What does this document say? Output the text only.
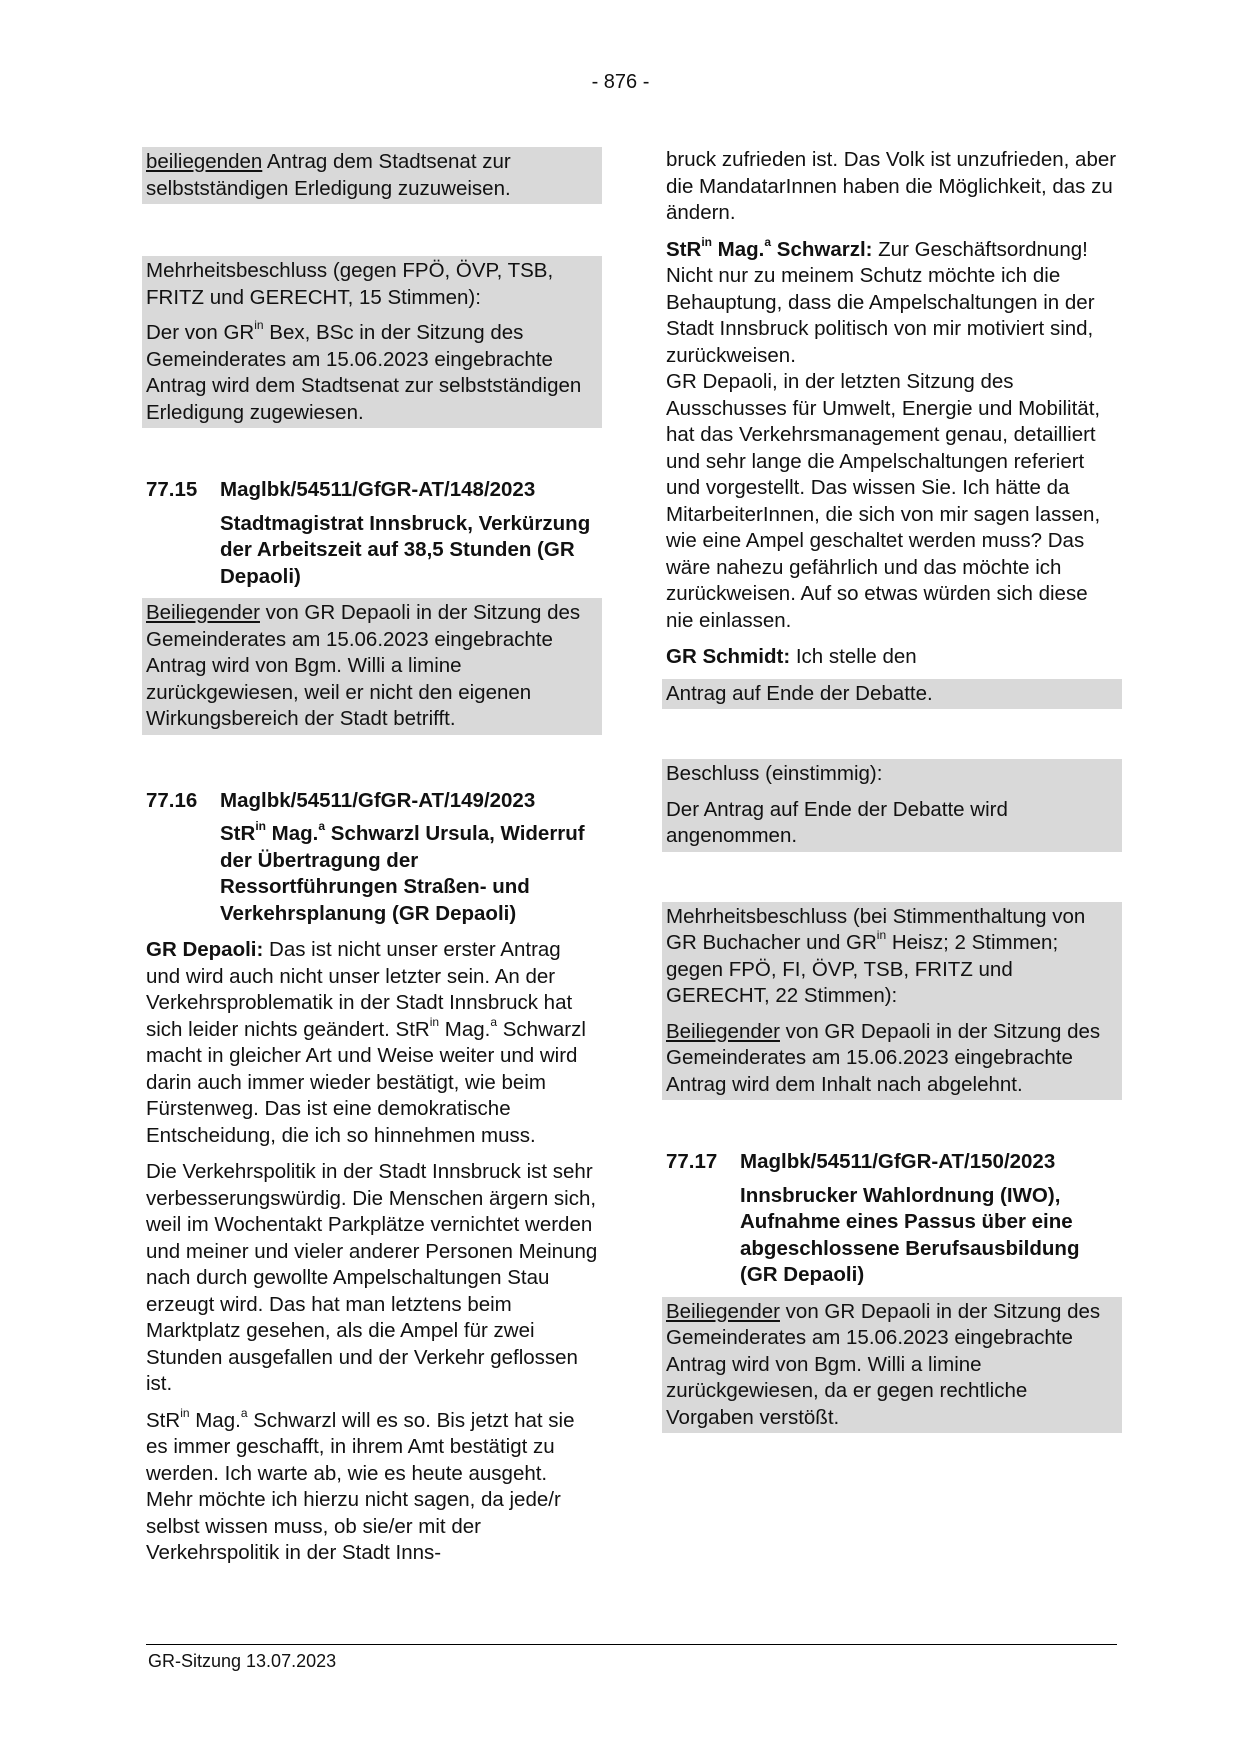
- 876 -

beiliegenden Antrag dem Stadtsenat zur selbstständigen Erledigung zuzuweisen.

Mehrheitsbeschluss (gegen FPÖ, ÖVP, TSB, FRITZ und GERECHT, 15 Stimmen):

Der von $GR^{in}$ Bex, BSc in der Sitzung des Gemeinderates am 15.06.2023 eingebrachte Antrag wird dem Stadtsenat zur selbstständigen Erledigung zugewiesen.

77.15	Maglbk/54511/GfGR-AT/148/2023
Stadtmagistrat Innsbruck, Verkürzung der Arbeitszeit auf 38,5 Stunden (GR Depaoli)

Beiliegender von GR Depaoli in der Sitzung des Gemeinderates am 15.06.2023 eingebrachte Antrag wird von Bgm. Willi a limine zurückgewiesen, weil er nicht den eigenen Wirkungsbereich der Stadt betrifft.

77.16	Maglbk/54511/GfGR-AT/149/2023
StR$^{in}$ Mag.$^a$ Schwarzl Ursula, Widerruf der Übertragung der Ressortführungen Straßen- und Verkehrsplanung (GR Depaoli)

GR Depaoli: Das ist nicht unser erster Antrag und wird auch nicht unser letzter sein. An der Verkehrsproblematik in der Stadt Innsbruck hat sich leider nichts geändert. StR$^{in}$ Mag.$^a$ Schwarzl macht in gleicher Art und Weise weiter und wird darin auch immer wieder bestätigt, wie beim Fürstenweg. Das ist eine demokratische Entscheidung, die ich so hinnehmen muss.

Die Verkehrspolitik in der Stadt Innsbruck ist sehr verbesserungswürdig. Die Menschen ärgern sich, weil im Wochentakt Parkplätze vernichtet werden und meiner und vieler anderer Personen Meinung nach durch gewollte Ampelschaltungen Stau erzeugt wird. Das hat man letztens beim Marktplatz gesehen, als die Ampel für zwei Stunden ausgefallen und der Verkehr geflossen ist.

StR$^{in}$ Mag.$^a$ Schwarzl will es so. Bis jetzt hat sie es immer geschafft, in ihrem Amt bestätigt zu werden. Ich warte ab, wie es heute ausgeht. Mehr möchte ich hierzu nicht sagen, da jede/r selbst wissen muss, ob sie/er mit der Verkehrspolitik in der Stadt Inns-

bruck zufrieden ist. Das Volk ist unzufrieden, aber die MandatarInnen haben die Möglichkeit, das zu ändern.

StR$^{in}$ Mag.$^a$ Schwarzl: Zur Geschäftsordnung! Nicht nur zu meinem Schutz möchte ich die Behauptung, dass die Ampelschaltungen in der Stadt Innsbruck politisch von mir motiviert sind, zurückweisen.

GR Depaoli, in der letzten Sitzung des Ausschusses für Umwelt, Energie und Mobilität, hat das Verkehrsmanagement genau, detailliert und sehr lange die Ampelschaltungen referiert und vorgestellt. Das wissen Sie. Ich hätte da MitarbeiterInnen, die sich von mir sagen lassen, wie eine Ampel geschaltet werden muss? Das wäre nahezu gefährlich und das möchte ich zurückweisen. Auf so etwas würden sich diese nie einlassen.

GR Schmidt: Ich stelle den

Antrag auf Ende der Debatte.

Beschluss (einstimmig):

Der Antrag auf Ende der Debatte wird angenommen.

Mehrheitsbeschluss (bei Stimmenthaltung von GR Buchacher und $GR^{in}$ Heisz; 2 Stimmen; gegen FPÖ, FI, ÖVP, TSB, FRITZ und GERECHT, 22 Stimmen):

Beiliegender von GR Depaoli in der Sitzung des Gemeinderates am 15.06.2023 eingebrachte Antrag wird dem Inhalt nach abgelehnt.

77.17	Maglbk/54511/GfGR-AT/150/2023
Innsbrucker Wahlordnung (IWO), Aufnahme eines Passus über eine abgeschlossene Berufsausbildung (GR Depaoli)

Beiliegender von GR Depaoli in der Sitzung des Gemeinderates am 15.06.2023 eingebrachte Antrag wird von Bgm. Willi a limine zurückgewiesen, da er gegen rechtliche Vorgaben verstößt.

GR-Sitzung 13.07.2023
